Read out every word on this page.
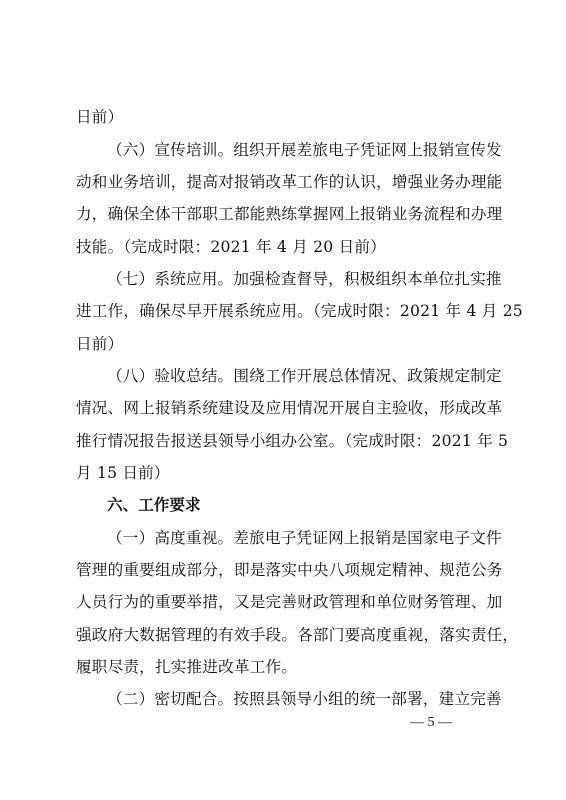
日前）
（六）宣传培训。组织开展差旅电子凭证网上报销宣传发
动和业务培训，提高对报销改革工作的认识，增强业务办理能
力，确保全体干部职工都能熟练掌握网上报销业务流程和办理
技能。（完成时限：2021 年 4 月 20 日前）
（七）系统应用。加强检查督导，积极组织本单位扎实推
进工作，确保尽早开展系统应用。（完成时限：2021 年 4 月 25
日前）
（八）验收总结。围绕工作开展总体情况、政策规定制定
情况、网上报销系统建设及应用情况开展自主验收，形成改革
推行情况报告报送县领导小组办公室。（完成时限：2021 年 5
月 15 日前）
六、工作要求
（一）高度重视。差旅电子凭证网上报销是国家电子文件
管理的重要组成部分，即是落实中央八项规定精神、规范公务
人员行为的重要举措，又是完善财政管理和单位财务管理、加
强政府大数据管理的有效手段。各部门要高度重视，落实责任，
履职尽责，扎实推进改革工作。
（二）密切配合。按照县领导小组的统一部署，建立完善
— 5 —
